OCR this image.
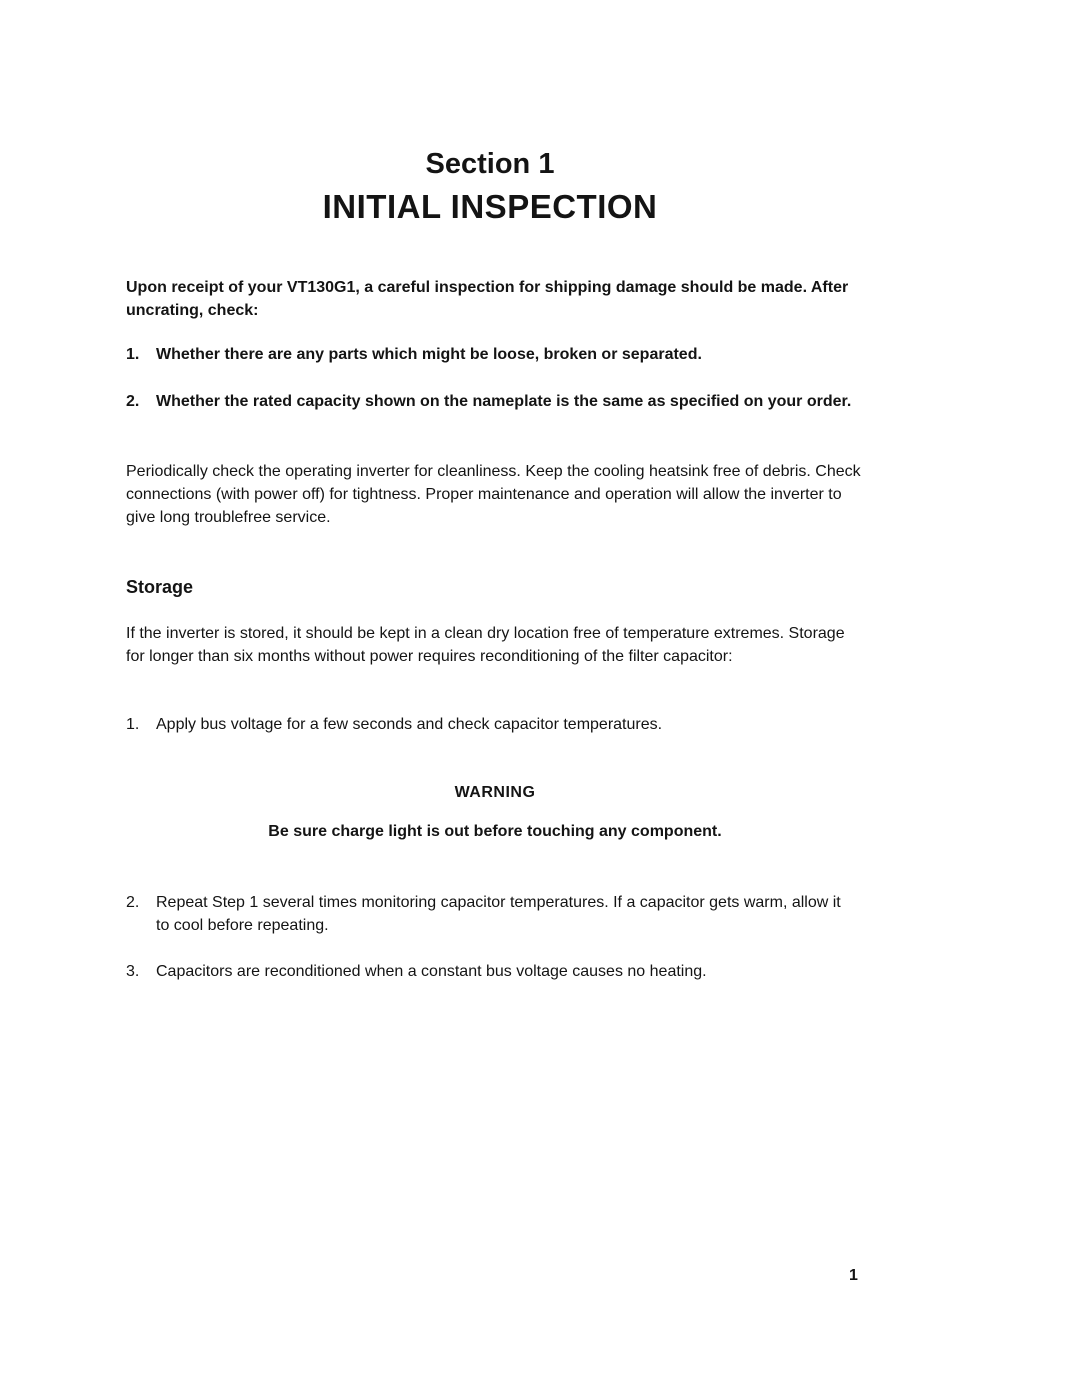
Section 1
INITIAL INSPECTION

Upon receipt of your VT130G1, a careful inspection for shipping damage should be made. After uncrating, check:

1.	Whether there are any parts which might be loose, broken or separated.
2.	Whether the rated capacity shown on the nameplate is the same as specified on your order.

Periodically check the operating inverter for cleanliness. Keep the cooling heatsink free of debris. Check connections (with power off) for tightness. Proper maintenance and operation will allow the inverter to give long troublefree service.

Storage

If the inverter is stored, it should be kept in a clean dry location free of temperature extremes. Storage for longer than six months without power requires reconditioning of the filter capacitor:

1.	Apply bus voltage for a few seconds and check capacitor temperatures.
WARNING
Be sure charge light is out before touching any component.
2.	Repeat Step 1 several times monitoring capacitor temperatures. If a capacitor gets warm, allow it to cool before repeating.
3.	Capacitors are reconditioned when a constant bus voltage causes no heating.
1
